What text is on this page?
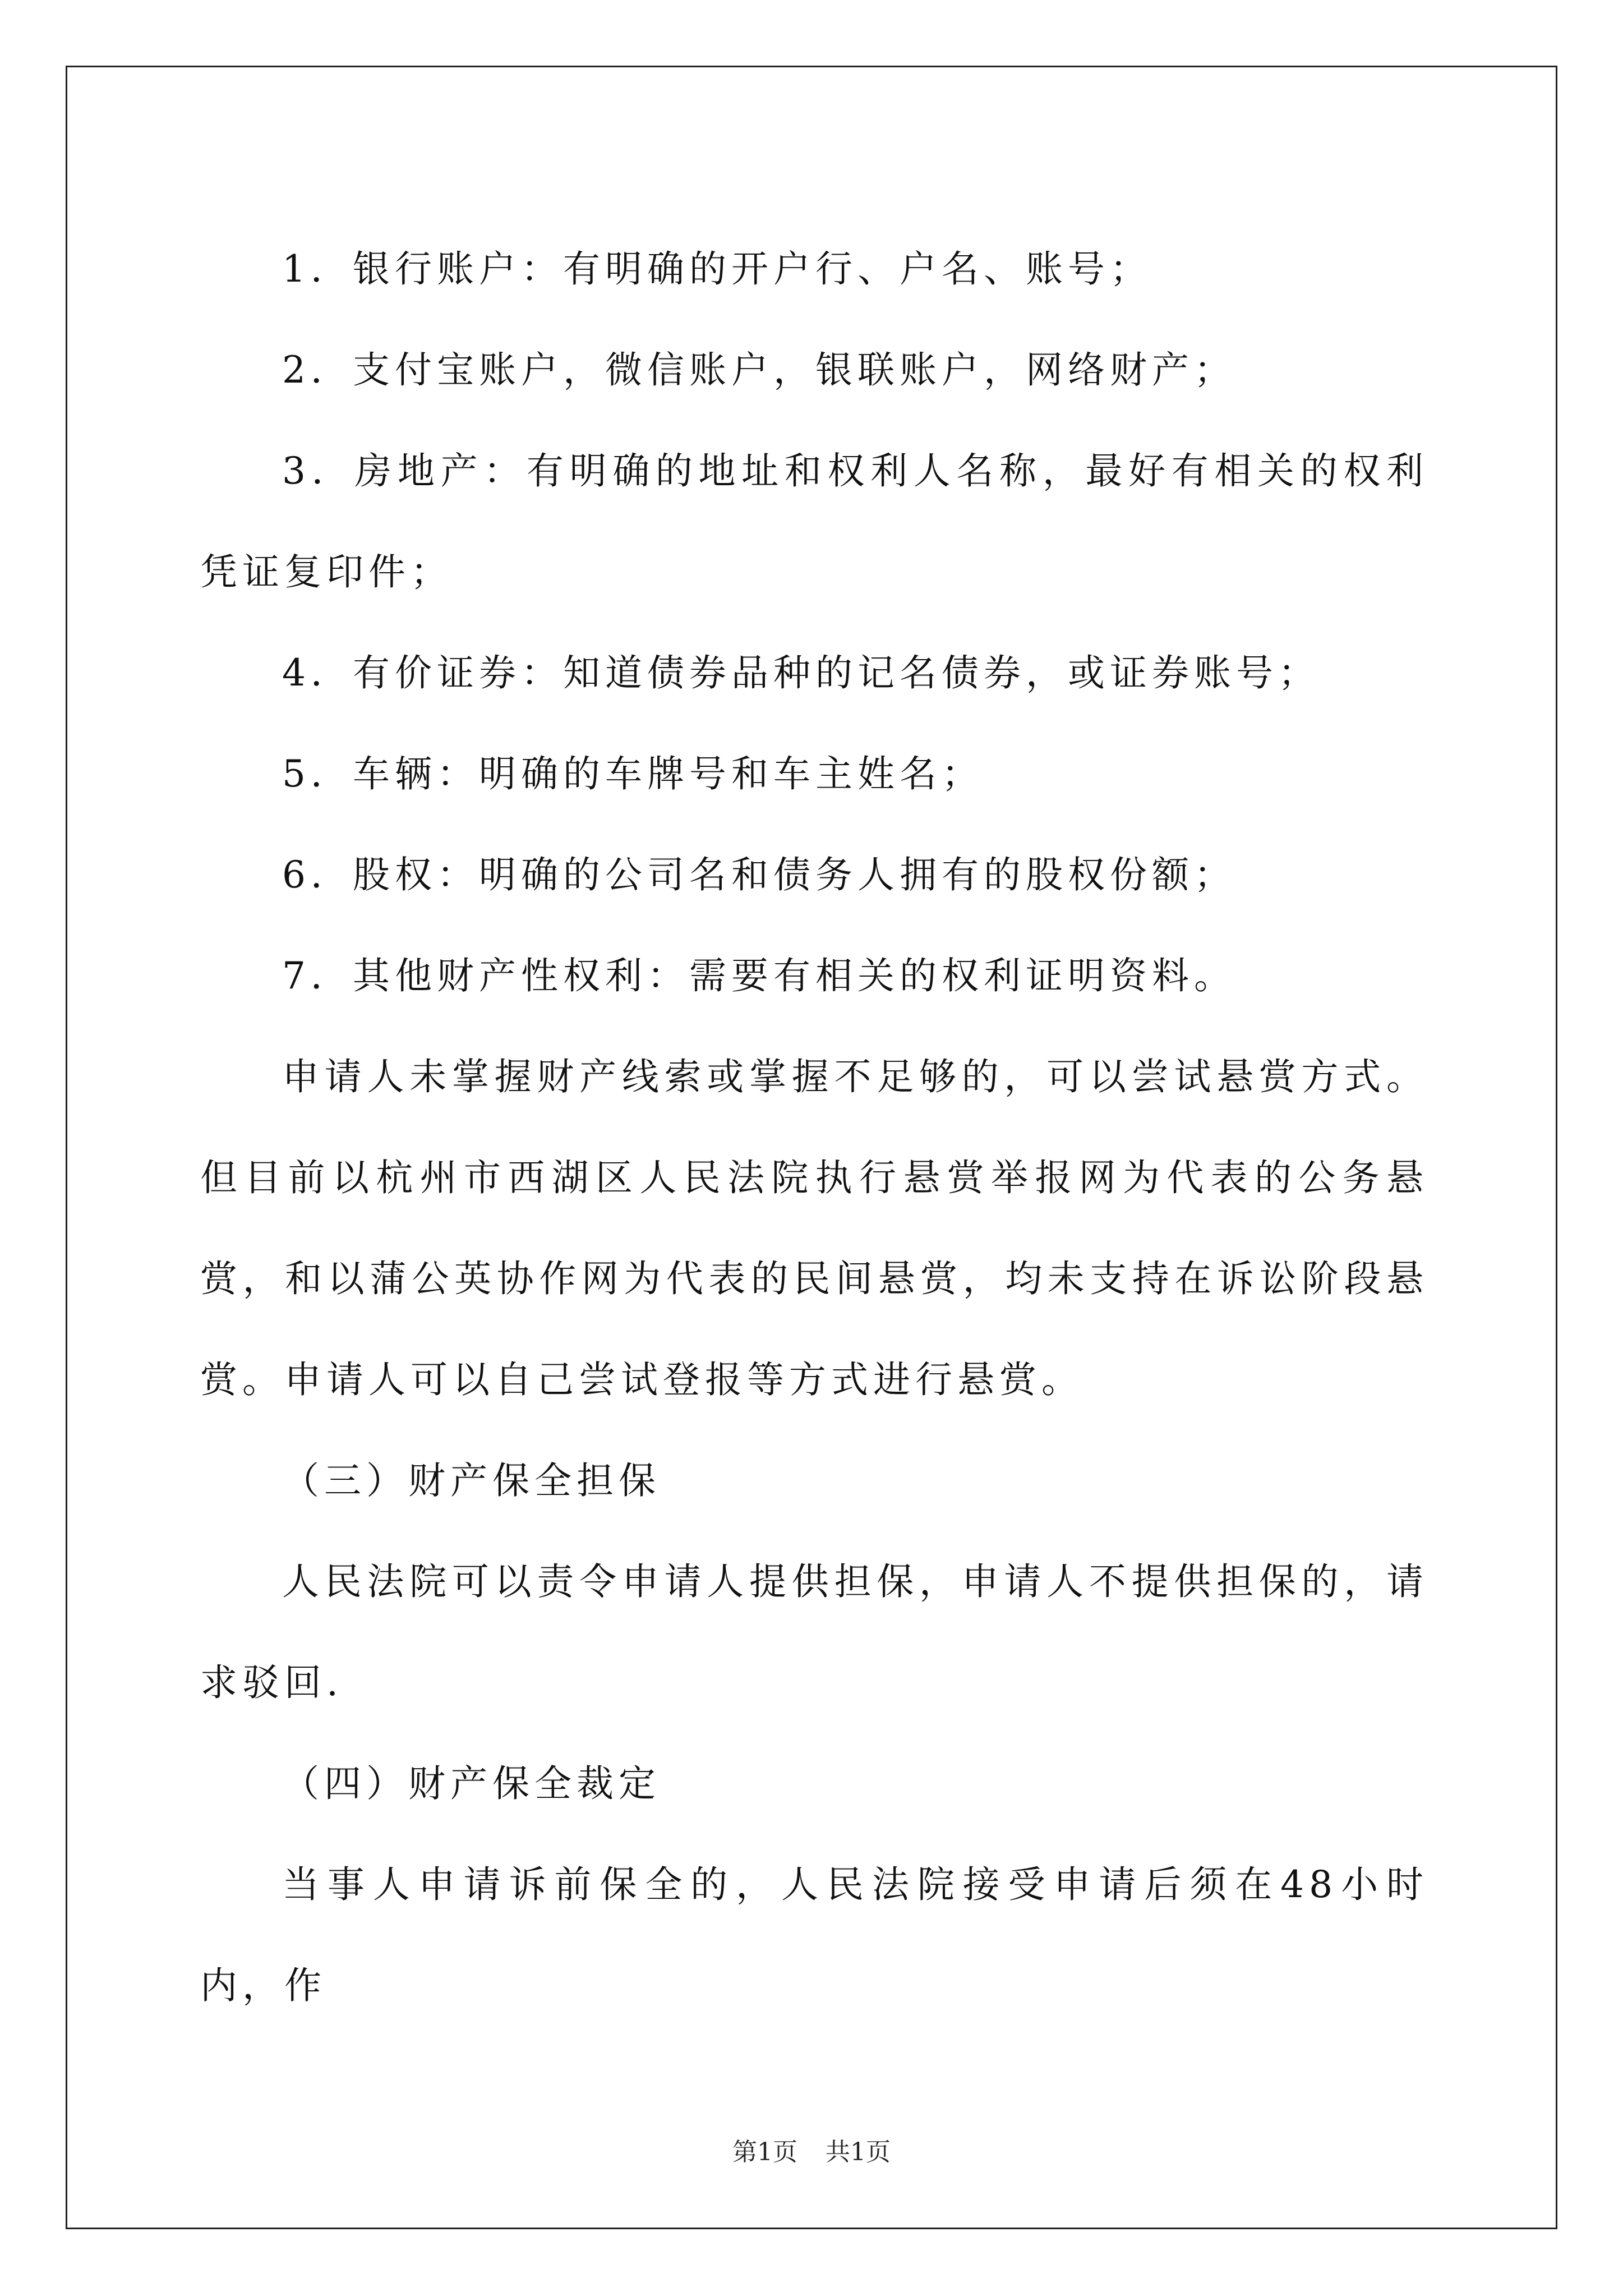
1．银行账户：有明确的开户行、户名、账号；

2．支付宝账户，微信账户，银联账户，网络财产；

3．房地产：有明确的地址和权利人名称，最好有相关的权利凭证复印件；

4．有价证券：知道债券品种的记名债券，或证券账号；

5．车辆：明确的车牌号和车主姓名；

6．股权：明确的公司名和债务人拥有的股权份额；

7．其他财产性权利：需要有相关的权利证明资料。

申请人未掌握财产线索或掌握不足够的，可以尝试悬赏方式。但目前以杭州市西湖区人民法院执行悬赏举报网为代表的公务悬赏，和以蒲公英协作网为代表的民间悬赏，均未支持在诉讼阶段悬赏。申请人可以自己尝试登报等方式进行悬赏。

（三）财产保全担保

人民法院可以责令申请人提供担保，申请人不提供担保的，请求驳回.

（四）财产保全裁定

当事人申请诉前保全的，人民法院接受申请后须在48小时内，作

第1页 共1页
